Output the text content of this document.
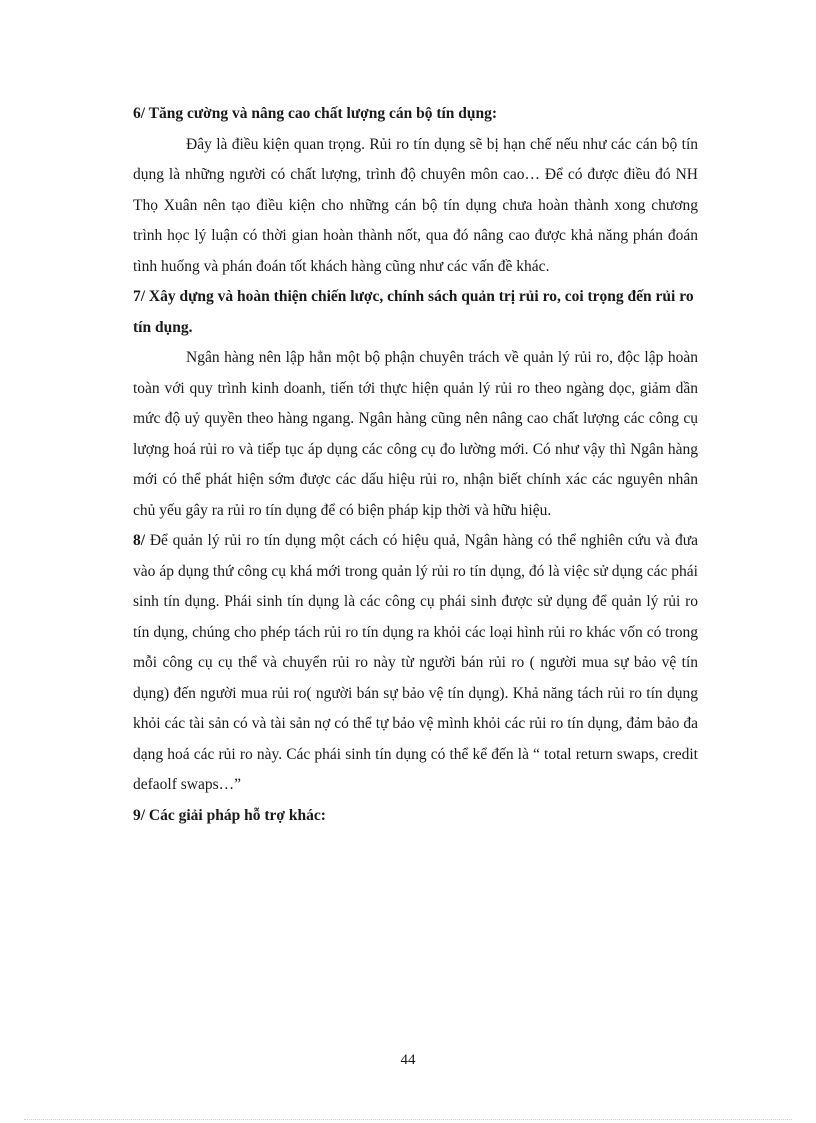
6/ Tăng cường và nâng cao chất lượng cán bộ tín dụng:

Đây là điều kiện quan trọng. Rủi ro tín dụng sẽ bị hạn chế nếu như các cán bộ tín dụng là những người có chất lượng, trình độ chuyên môn cao… Để có được điều đó NH Thọ Xuân nên tạo điều kiện cho những cán bộ tín dụng chưa hoàn thành xong chương trình học lý luận có thời gian hoàn thành nốt, qua đó nâng cao được khả năng phán đoán tình huống và phán đoán tốt khách hàng cũng như các vấn đề khác.

7/ Xây dựng và hoàn thiện chiến lược, chính sách quản trị rủi ro, coi trọng đến rủi ro tín dụng.

Ngân hàng nên lập hẳn một bộ phận chuyên trách về quản lý rủi ro, độc lập hoàn toàn với quy trình kinh doanh, tiến tới thực hiện quản lý rủi ro theo ngàng dọc, giảm dần mức độ uỷ quyền theo hàng ngang. Ngân hàng cũng nên nâng cao chất lượng các công cụ lượng hoá rủi ro và tiếp tục áp dụng các công cụ đo lường mới. Có như vậy thì Ngân hàng mới có thể phát hiện sớm được các dấu hiệu rủi ro, nhận biết chính xác các nguyên nhân chủ yếu gây ra rủi ro tín dụng để có biện pháp kịp thời và hữu hiệu.

8/ Để quản lý rủi ro tín dụng một cách có hiệu quả, Ngân hàng có thể nghiên cứu và đưa vào áp dụng thứ công cụ khá mới trong quản lý rủi ro tín dụng, đó là việc sử dụng các phái sinh tín dụng. Phái sinh tín dụng là các công cụ phái sinh được sử dụng để quản lý rủi ro tín dụng, chúng cho phép tách rủi ro tín dụng ra khỏi các loại hình rủi ro khác vốn có trong mỗi công cụ cụ thể và chuyển rủi ro này từ người bán rủi ro ( người mua sự bảo vệ tín dụng) đến người mua rủi ro( người bán sự bảo vệ tín dụng). Khả năng tách rủi ro tín dụng khỏi các tài sản có và tài sản nợ có thể tự bảo vệ mình khỏi các rủi ro tín dụng, đảm bảo đa dạng hoá các rủi ro này. Các phái sinh tín dụng có thể kể đến là “ total return swaps, credit defaolf swaps…”

9/ Các giải pháp hỗ trợ khác:

44
